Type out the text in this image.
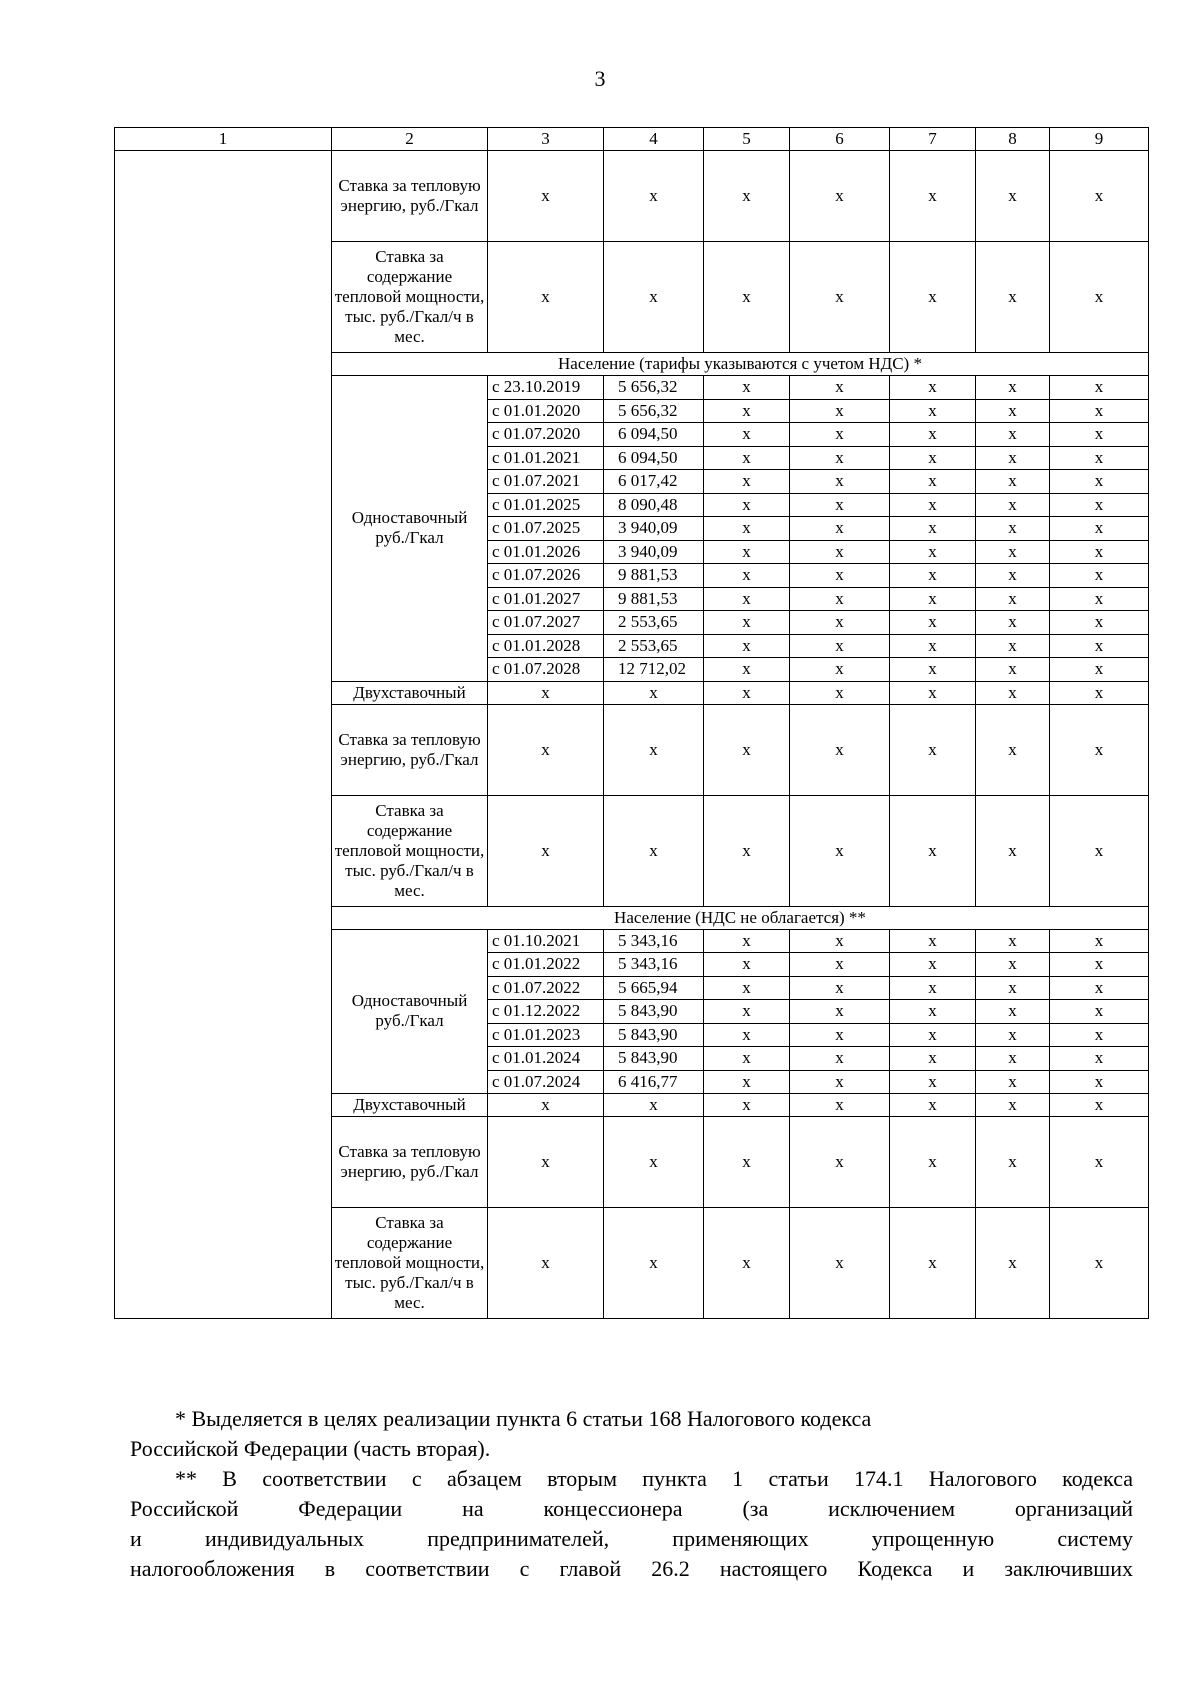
3
1	2	3	4	5	6	7	8	9
	Ставка за тепловую энергию, руб./Гкал	x	x	x	x	x	x	x
	Ставка за содержание тепловой мощности, тыс. руб./Гкал/ч в мес.	x	x	x	x	x	x	x
	Население (тарифы указываются с учетом НДС) *							
	Одноставочный руб./Гкал	с 23.10.2019	5 656,32	x	x	x	x	x
		с 01.01.2020	5 656,32	x	x	x	x	x
		с 01.07.2020	6 094,50	x	x	x	x	x
		с 01.01.2021	6 094,50	x	x	x	x	x
		с 01.07.2021	6 017,42	x	x	x	x	x
		с 01.01.2025	8 090,48	x	x	x	x	x
		с 01.07.2025	3 940,09	x	x	x	x	x
		с 01.01.2026	3 940,09	x	x	x	x	x
		с 01.07.2026	9 881,53	x	x	x	x	x
		с 01.01.2027	9 881,53	x	x	x	x	x
		с 01.07.2027	2 553,65	x	x	x	x	x
		с 01.01.2028	2 553,65	x	x	x	x	x
		с 01.07.2028	12 712,02	x	x	x	x	x
	Двухставочный	x	x	x	x	x	x	x
	Ставка за тепловую энергию, руб./Гкал	x	x	x	x	x	x	x
	Ставка за содержание тепловой мощности, тыс. руб./Гкал/ч в мес.	x	x	x	x	x	x	x
	Население (НДС не облагается) **							
	Одноставочный руб./Гкал	с 01.10.2021	5 343,16	x	x	x	x	x
		с 01.01.2022	5 343,16	x	x	x	x	x
		с 01.07.2022	5 665,94	x	x	x	x	x
		с 01.12.2022	5 843,90	x	x	x	x	x
		с 01.01.2023	5 843,90	x	x	x	x	x
		с 01.01.2024	5 843,90	x	x	x	x	x
		с 01.07.2024	6 416,77	x	x	x	x	x
	Двухставочный	x	x	x	x	x	x	x
	Ставка за тепловую энергию, руб./Гкал	x	x	x	x	x	x	x
	Ставка за содержание тепловой мощности, тыс. руб./Гкал/ч в мес.	x	x	x	x	x	x	x

* Выделяется в целях реализации пункта 6 статьи 168 Налогового кодекса
Российской Федерации (часть вторая).

** В соответствии с абзацем вторым пункта 1 статьи 174.1 Налогового кодекса

Российской Федерации на концессионера (за исключением организаций

и индивидуальных предпринимателей, применяющих упрощенную систему

налогообложения в соответствии с главой 26.2 настоящего Кодекса и заключивших
